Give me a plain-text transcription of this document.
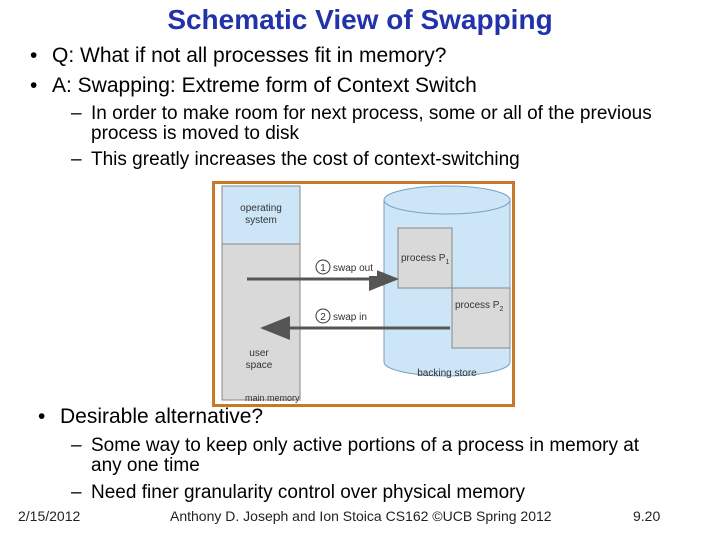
Schematic View of Swapping
• Q: What if not all processes fit in memory?
• A: Swapping: Extreme form of Context Switch
– In order to make room for next process, some or all of the previous process is moved to disk
– This greatly increases the cost of context-switching
operating
system
user
space
main memory
backing store
process $P_1$
process $P_2$
1 swap out
2 swap in
• Desirable alternative?
– Some way to keep only active portions of a process in memory at any one time
– Need finer granularity control over physical memory
2/15/2012	Anthony D. Joseph and Ion Stoica CS162 ©UCB Spring 2012	9.20
